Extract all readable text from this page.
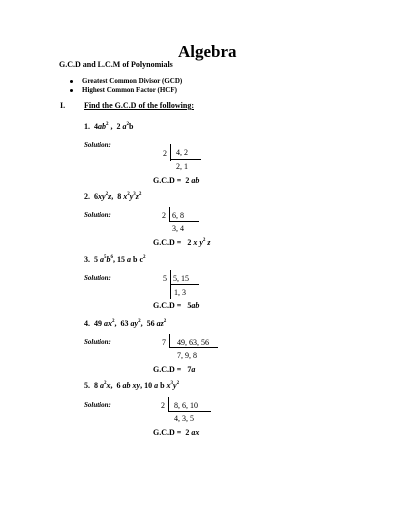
Algebra
G.C.D and L.C.M of Polynomials
Greatest Common Divisor (GCD)
Highest Common Factor (HCF)
I. Find the G.C.D of the following:
1.  $4ab^2$ ,  2 $a^2b$
Solution:
2 4, 2
2, 1
G.C.D =  2 ab
2.  $6xy^2z$,  8 $x^2y^3z^2$
Solution:	2 6, 8
3, 4
G.C.D =   2 x $y^2$ z
3.  5 $a^5b^6$, 15 a b $c^2$
Solution:	5 5, 15
1, 3
G.C.D =   5ab
4.  49 $ax^2$,  63 $ay^2$,  56 $az^2$
Solution:	7 49, 63, 56
7, 9, 8
G.C.D =   7a
5.  8 $a^2x$,  6 ab xy, 10 a b $x^3y^2$
Solution:	2 8, 6, 10
4, 3, 5
G.C.D =  2 ax
